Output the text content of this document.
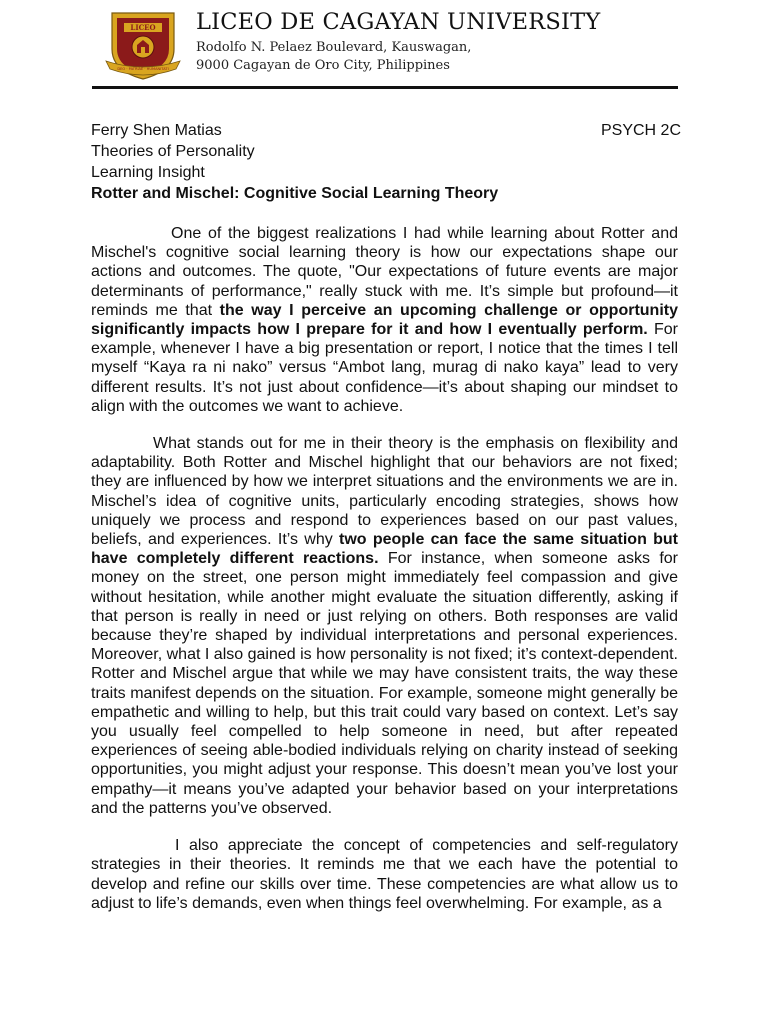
LICEO
DEO · PATRIAE · HUMANITATI
LICEO DE CAGAYAN UNIVERSITY
Rodolfo N. Pelaez Boulevard, Kauswagan,
9000 Cagayan de Oro City, Philippines
Ferry Shen Matias	PSYCH 2C
Theories of Personality
Learning Insight
Rotter and Mischel: Cognitive Social Learning Theory

One of the biggest realizations I had while learning about Rotter and Mischel's cognitive social learning theory is how our expectations shape our actions and outcomes. The quote, "Our expectations of future events are major determinants of performance," really stuck with me. It’s simple but profound—it reminds me that the way I perceive an upcoming challenge or opportunity significantly impacts how I prepare for it and how I eventually perform. For example, whenever I have a big presentation or report, I notice that the times I tell myself “Kaya ra ni nako” versus “Ambot lang, murag di nako kaya” lead to very different results. It’s not just about confidence—it’s about shaping our mindset to align with the outcomes we want to achieve.

What stands out for me in their theory is the emphasis on flexibility and adaptability. Both Rotter and Mischel highlight that our behaviors are not fixed; they are influenced by how we interpret situations and the environments we are in. Mischel’s idea of cognitive units, particularly encoding strategies, shows how uniquely we process and respond to experiences based on our past values, beliefs, and experiences. It’s why two people can face the same situation but have completely different reactions. For instance, when someone asks for money on the street, one person might immediately feel compassion and give without hesitation, while another might evaluate the situation differently, asking if that person is really in need or just relying on others. Both responses are valid because they’re shaped by individual interpretations and personal experiences. Moreover, what I also gained is how personality is not fixed; it’s context-dependent. Rotter and Mischel argue that while we may have consistent traits, the way these traits manifest depends on the situation. For example, someone might generally be empathetic and willing to help, but this trait could vary based on context. Let’s say you usually feel compelled to help someone in need, but after repeated experiences of seeing able-bodied individuals relying on charity instead of seeking opportunities, you might adjust your response. This doesn’t mean you’ve lost your empathy—it means you’ve adapted your behavior based on your interpretations and the patterns you’ve observed.

I also appreciate the concept of competencies and self-regulatory strategies in their theories. It reminds me that we each have the potential to develop and refine our skills over time. These competencies are what allow us to adjust to life’s demands, even when things feel overwhelming. For example, as a
